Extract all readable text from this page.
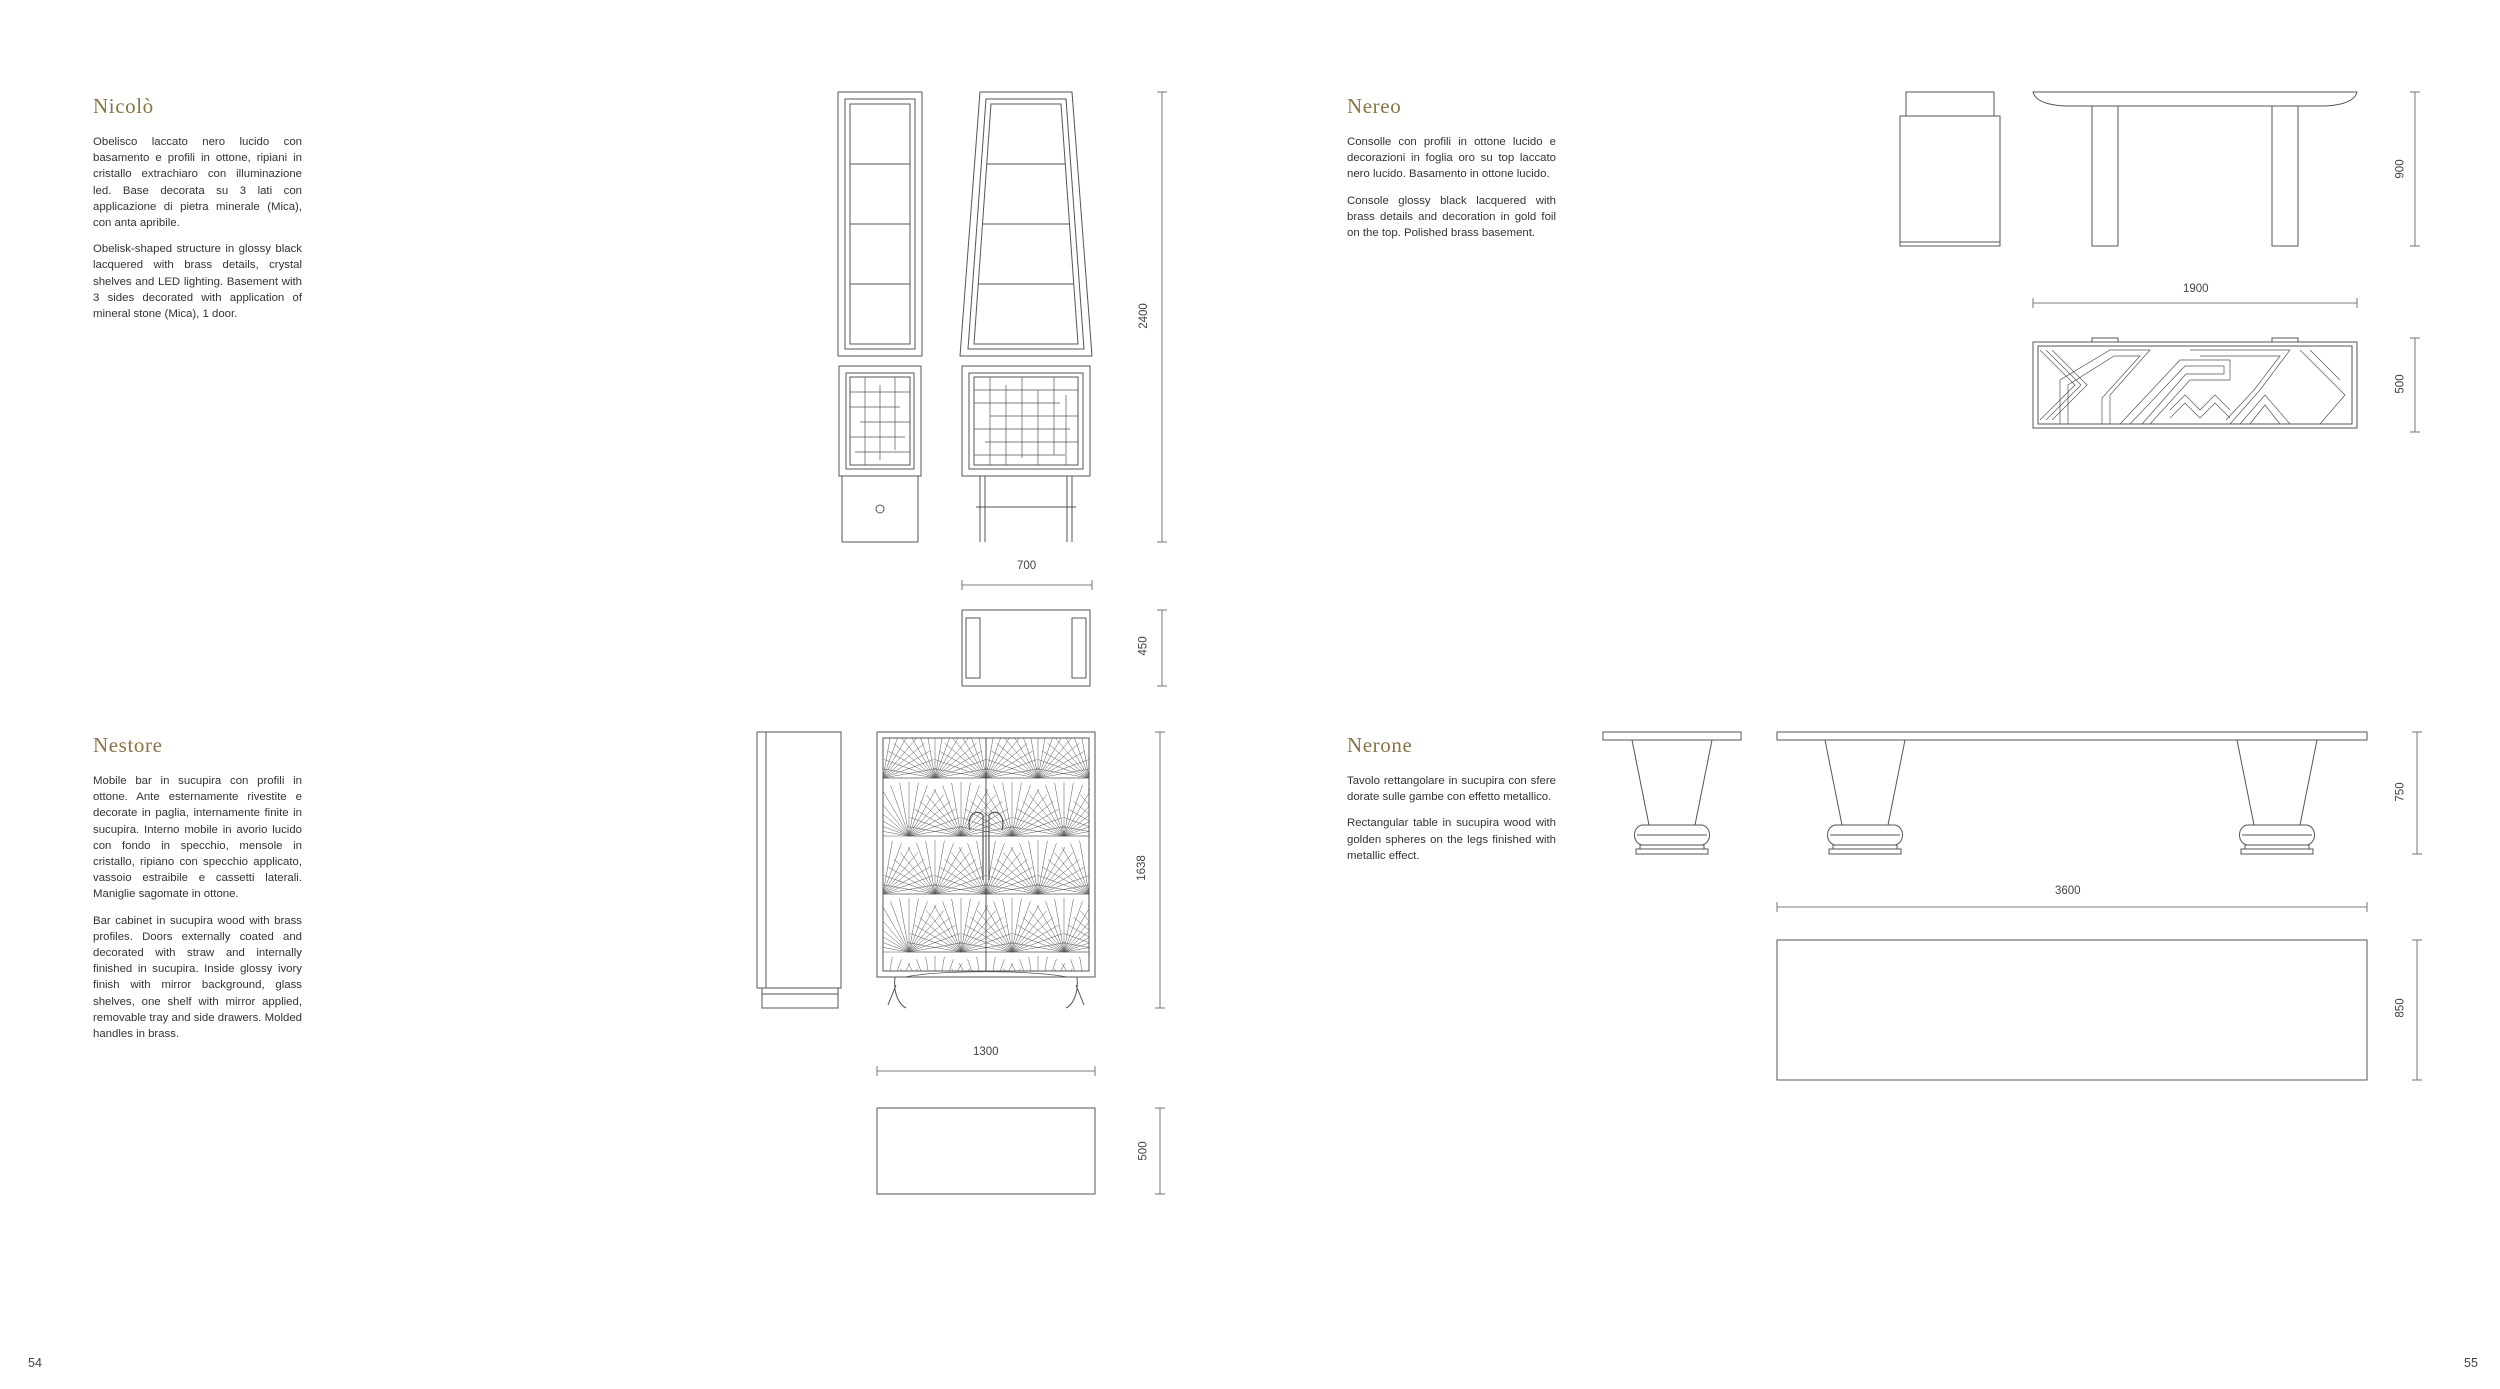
Nicolò

Obelisco laccato nero lucido con basamento e profili in ottone, ripiani in cristallo extrachiaro con illuminazione led. Base decorata su 3 lati con applicazione di pietra minerale (Mica), con anta apribile.

Obelisk-shaped structure in glossy black lacquered with brass details, crystal shelves and LED lighting. Basement with 3 sides decorated with application of mineral stone (Mica), 1 door.

Nestore

Mobile bar in sucupira con profili in ottone. Ante esternamente rivestite e decorate in paglia, internamente finite in sucupira. Interno mobile in avorio lucido con fondo in specchio, mensole in cristallo, ripiano con specchio applicato, vassoio estraibile e cassetti laterali. Maniglie sagomate in ottone.

Bar cabinet in sucupira wood with brass profiles. Doors externally coated and decorated with straw and internally finished in sucupira. Inside glossy ivory finish with mirror background, glass shelves, one shelf with mirror applied, removable tray and side drawers. Molded handles in brass.

Nereo

Consolle con profili in ottone lucido e decorazioni in foglia oro su top laccato nero lucido. Basamento in ottone lucido.

Console glossy black lacquered with brass details and decoration in gold foil on the top. Polished brass basement.

Nerone

Tavolo rettangolare in sucupira con sfere dorate sulle gambe con effetto metallico.

Rectangular table in sucupira wood with golden spheres on the legs finished with metallic effect.

2400
700
450
1638
1300
500
900
1900
500
750
3600
850
54	55
